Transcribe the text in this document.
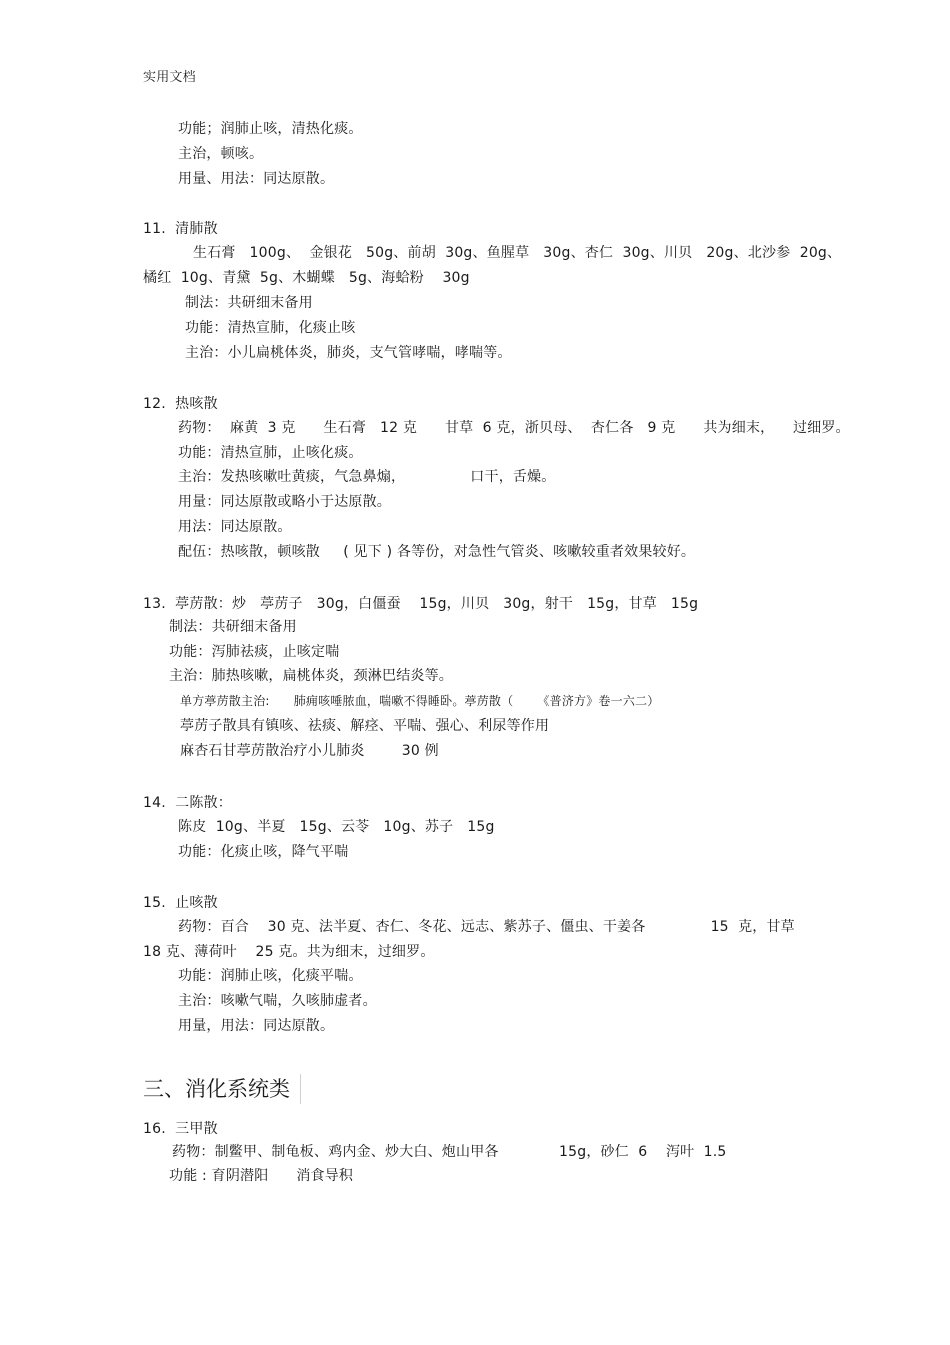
实用文档
功能；润肺止咳，清热化痰。
主治，顿咳。
用量、用法：同达原散。
11.  清肺散
生石膏   100g、  金银花   50g、前胡  30g、鱼腥草   30g、杏仁  30g、川贝   20g、北沙参  20g、
橘红  10g、青黛  5g、木蝴蝶   5g、海蛤粉    30g
制法：共研细末备用
功能：清热宣肺，化痰止咳
主治：小儿扁桃体炎，肺炎，支气管哮喘，哮喘等。
12.  热咳散
药物：  麻黄  3 克      生石膏   12 克      甘草  6 克，浙贝母、  杏仁各   9 克      共为细末，    过细罗。
功能：清热宣肺，止咳化痰。
主治：发热咳嗽吐黄痰，气急鼻煽，              口干，舌燥。
用量：同达原散或略小于达原散。
用法：同达原散。
配伍：热咳散，顿咳散     ( 见下 ) 各等份，对急性气管炎、咳嗽较重者效果较好。
13.  葶苈散：炒   葶苈子   30g，白僵蚕    15g，川贝   30g，射干   15g，甘草   15g
制法：共研细末备用
功能：泻肺祛痰，止咳定喘
主治：肺热咳嗽，扁桃体炎，颈淋巴结炎等。
单方葶苈散主治:      肺痈咳唾脓血，喘嗽不得睡卧。葶苈散（      《普济方》卷一六二）
葶苈子散具有镇咳、祛痰、解痉、平喘、强心、利尿等作用
麻杏石甘葶苈散治疗小儿肺炎        30 例
14.  二陈散：
陈皮  10g、半夏   15g、云苓   10g、苏子   15g
功能：化痰止咳，降气平喘
15.  止咳散
药物：百合    30 克、法半夏、杏仁、冬花、远志、紫苏子、僵虫、干姜各              15  克，甘草
18 克、薄荷叶    25 克。共为细末，过细罗。
功能：润肺止咳，化痰平喘。
主治：咳嗽气喘，久咳肺虚者。
用量，用法：同达原散。
三、消化系统类
16.  三甲散
药物：制鳖甲、制龟板、鸡内金、炒大白、炮山甲各             15g，砂仁  6    泻叶  1.5
功能 : 育阴潜阳      消食导积
